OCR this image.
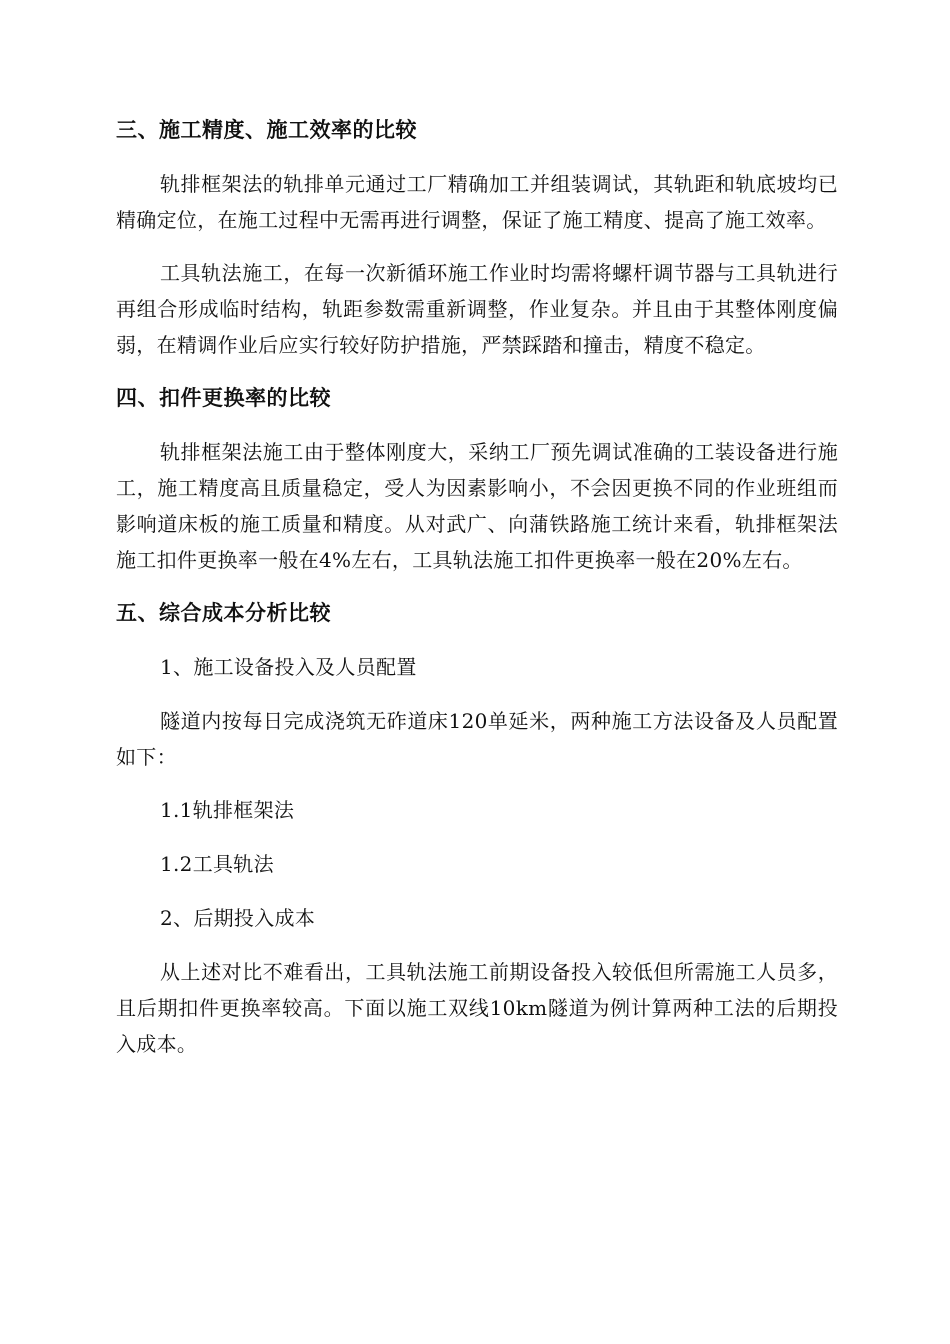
三、施工精度、施工效率的比较

轨排框架法的轨排单元通过工厂精确加工并组装调试，其轨距和轨底坡均已精确定位，在施工过程中无需再进行调整，保证了施工精度、提高了施工效率。

工具轨法施工，在每一次新循环施工作业时均需将螺杆调节器与工具轨进行再组合形成临时结构，轨距参数需重新调整，作业复杂。并且由于其整体刚度偏弱，在精调作业后应实行较好防护措施，严禁踩踏和撞击，精度不稳定。

四、扣件更换率的比较

轨排框架法施工由于整体刚度大，采纳工厂预先调试准确的工装设备进行施工，施工精度高且质量稳定，受人为因素影响小，不会因更换不同的作业班组而影响道床板的施工质量和精度。从对武广、向蒲铁路施工统计来看，轨排框架法施工扣件更换率一般在4%左右，工具轨法施工扣件更换率一般在20%左右。

五、综合成本分析比较
1、施工设备投入及人员配置

隧道内按每日完成浇筑无砟道床120单延米，两种施工方法设备及人员配置如下：

1.1轨排框架法
1.2工具轨法
2、后期投入成本

从上述对比不难看出，工具轨法施工前期设备投入较低但所需施工人员多，且后期扣件更换率较高。下面以施工双线10km隧道为例计算两种工法的后期投入成本。
